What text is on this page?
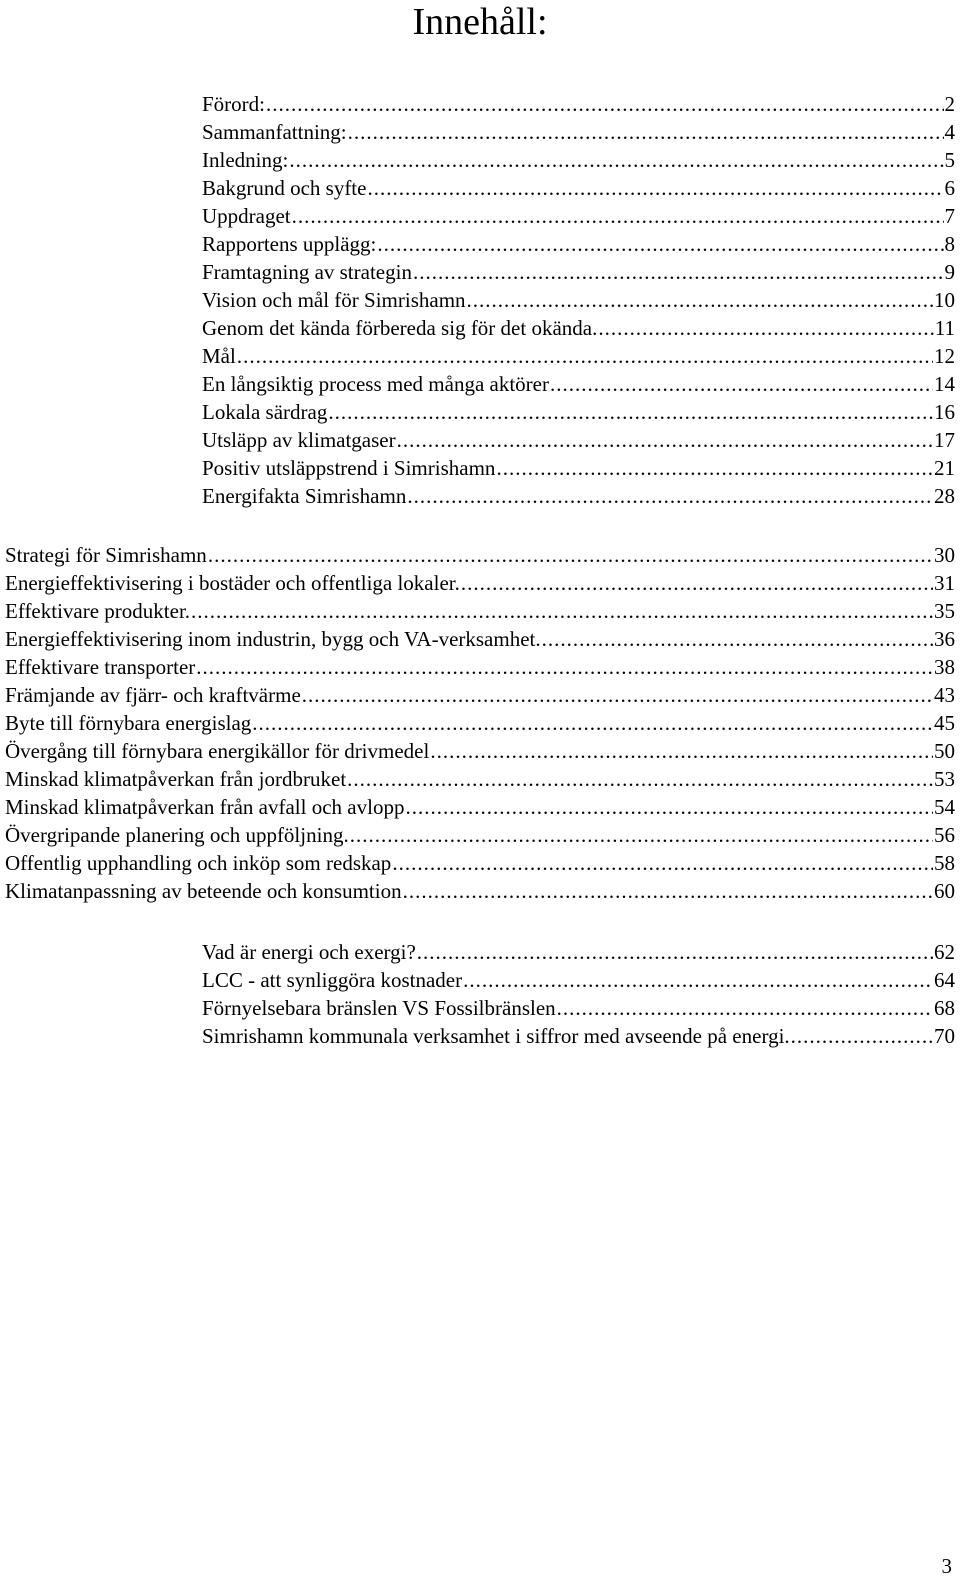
Innehåll:
Förord: .....	2
Sammanfattning: .....	4
Inledning: .....	5
Bakgrund och syfte .....	6
Uppdraget .....	7
Rapportens upplägg: .....	8
Framtagning av strategin .....	9
Vision och mål för Simrishamn .....	10
Genom det kända förbereda sig för det okända. .....	11
Mål .....	12
En långsiktig process med många aktörer .....	14
Lokala särdrag .....	16
Utsläpp av klimatgaser .....	17
Positiv utsläppstrend i Simrishamn .....	21
Energifakta Simrishamn .....	28
Strategi för Simrishamn .....	30
Energieffektivisering i bostäder och offentliga lokaler. .....	31
Effektivare produkter. .....	35
Energieffektivisering inom industrin, bygg och VA-verksamhet. .....	36
Effektivare transporter .....	38
Främjande av fjärr- och kraftvärme .....	43
Byte till förnybara energislag .....	45
Övergång till förnybara energikällor för drivmedel .....	50
Minskad klimatpåverkan från jordbruket .....	53
Minskad klimatpåverkan från avfall och avlopp .....	54
Övergripande planering och uppföljning. .....	56
Offentlig upphandling och inköp som redskap .....	58
Klimatanpassning av beteende och konsumtion .....	60
Vad är energi och exergi? .....	62
LCC - att synliggöra kostnader .....	64
Förnyelsebara bränslen VS Fossilbränslen .....	68
Simrishamn kommunala verksamhet i siffror med avseende på energi. .....	70
3
